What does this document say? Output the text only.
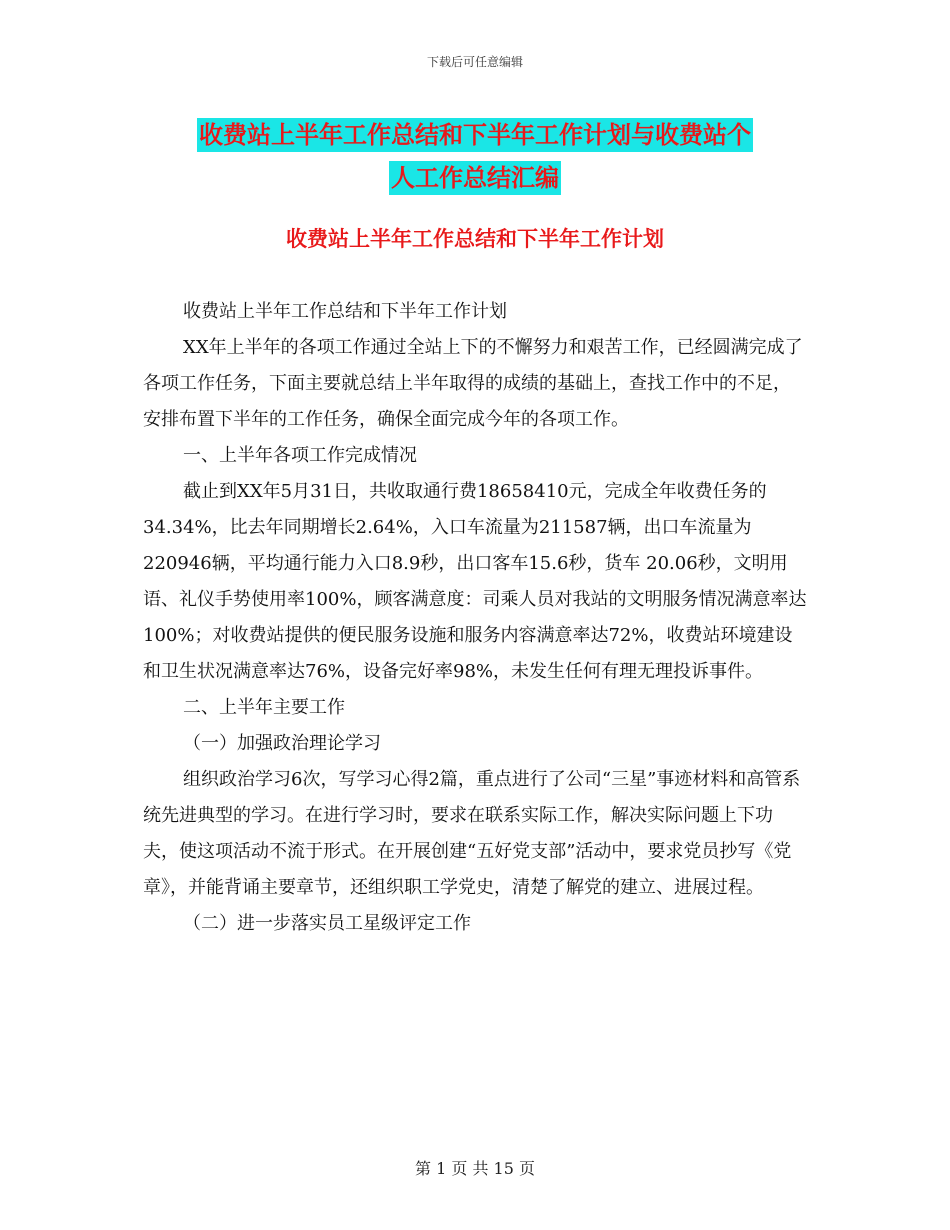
下载后可任意编辑
收费站上半年工作总结和下半年工作计划与收费站个
人工作总结汇编
收费站上半年工作总结和下半年工作计划

收费站上半年工作总结和下半年工作计划

XX年上半年的各项工作通过全站上下的不懈努力和艰苦工作，已经圆满完成了各项工作任务，下面主要就总结上半年取得的成绩的基础上，查找工作中的不足，安排布置下半年的工作任务，确保全面完成今年的各项工作。

一、上半年各项工作完成情况

截止到XX年5月31日，共收取通行费18658410元，完成全年收费任务的34.34%，比去年同期增长2.64%，入口车流量为211587辆，出口车流量为220946辆，平均通行能力入口8.9秒，出口客车15.6秒，货车 20.06秒，文明用语、礼仪手势使用率100%，顾客满意度：司乘人员对我站的文明服务情况满意率达100%；对收费站提供的便民服务设施和服务内容满意率达72%，收费站环境建设和卫生状况满意率达76%，设备完好率98%，未发生任何有理无理投诉事件。

二、上半年主要工作

（一）加强政治理论学习

组织政治学习6次，写学习心得2篇，重点进行了公司“三星”事迹材料和高管系统先进典型的学习。在进行学习时，要求在联系实际工作，解决实际问题上下功夫，使这项活动不流于形式。在开展创建“五好党支部”活动中，要求党员抄写《党章》，并能背诵主要章节，还组织职工学党史，清楚了解党的建立、进展过程。

（二）进一步落实员工星级评定工作

第 1 页 共 15 页
